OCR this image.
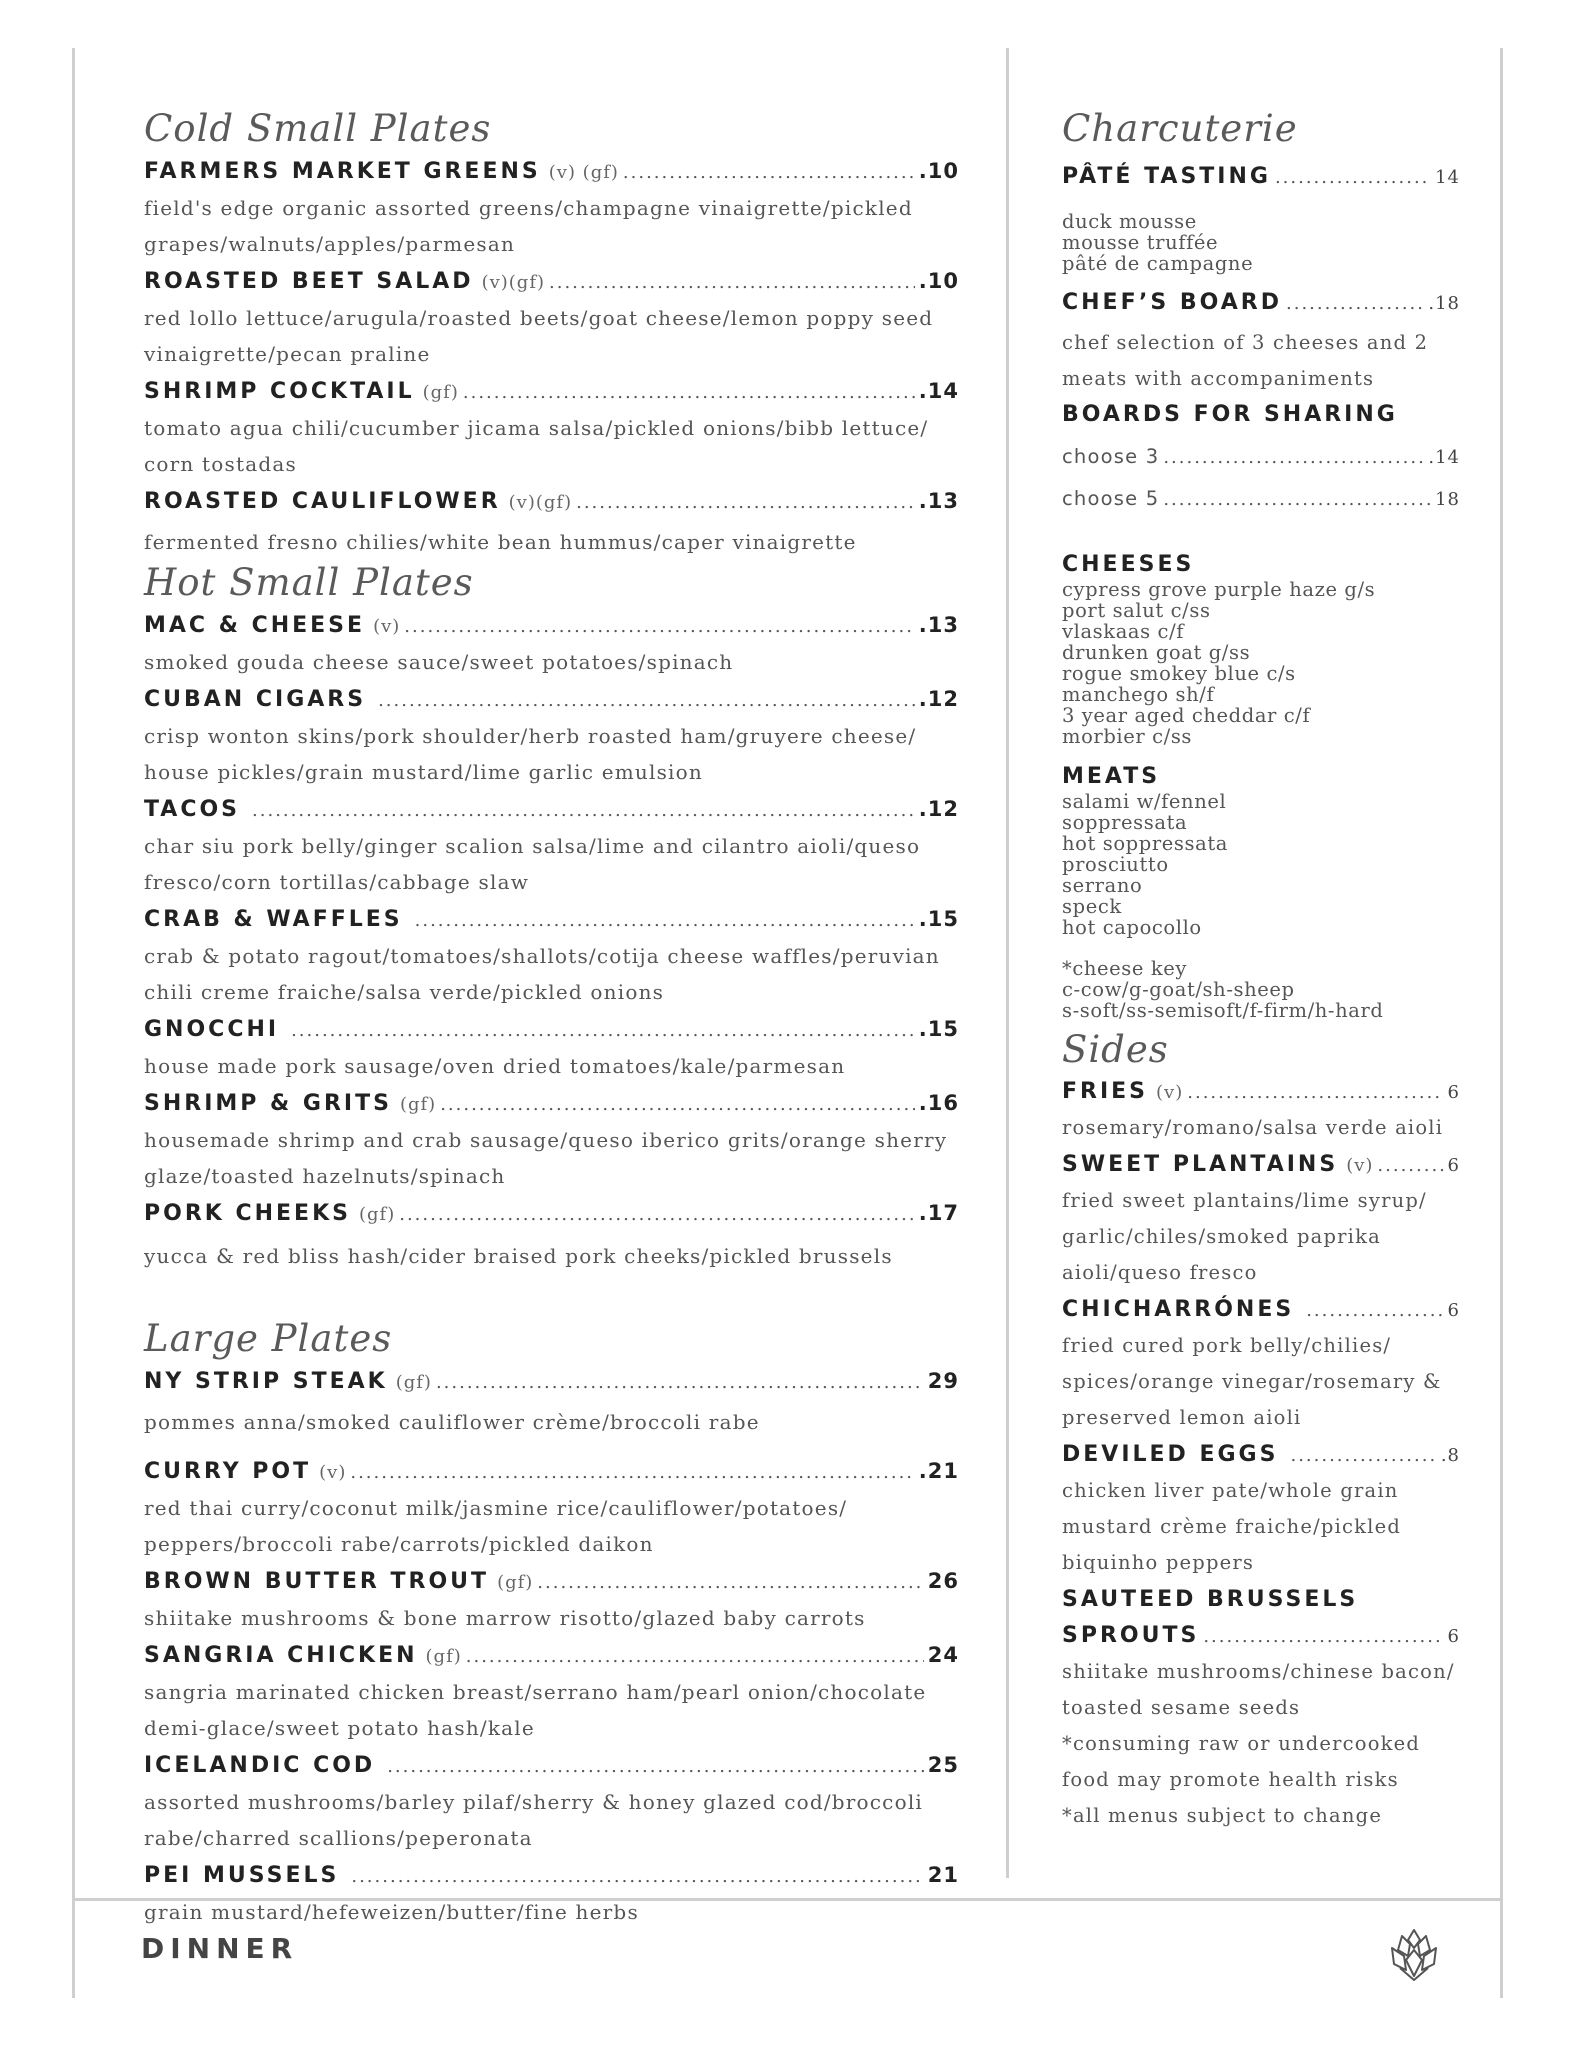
Cold Small Plates
FARMERS MARKET GREENS (v) (gf) .....	.10
field's edge organic assorted greens/champagne vinaigrette/pickled grapes/walnuts/apples/parmesan
ROASTED BEET SALAD (v)(gf) .....	.10
red lollo lettuce/arugula/roasted beets/goat cheese/lemon poppy seed vinaigrette/pecan praline
SHRIMP COCKTAIL (gf) .....	.14
tomato agua chili/cucumber jicama salsa/pickled onions/bibb lettuce/ corn tostadas
ROASTED CAULIFLOWER (v)(gf) .....	.13
fermented fresno chilies/white bean hummus/caper vinaigrette
Hot Small Plates
MAC & CHEESE (v) .....	.13
smoked gouda cheese sauce/sweet potatoes/spinach
CUBAN CIGARS .....	.12
crisp wonton skins/pork shoulder/herb roasted ham/gruyere cheese/ house pickles/grain mustard/lime garlic emulsion
TACOS .....	.12
char siu pork belly/ginger scalion salsa/lime and cilantro aioli/queso fresco/corn tortillas/cabbage slaw
CRAB & WAFFLES .....	.15
crab & potato ragout/tomatoes/shallots/cotija cheese waffles/peruvian chili creme fraiche/salsa verde/pickled onions
GNOCCHI .....	.15
house made pork sausage/oven dried tomatoes/kale/parmesan
SHRIMP & GRITS (gf) .....	.16
housemade shrimp and crab sausage/queso iberico grits/orange sherry glaze/toasted hazelnuts/spinach
PORK CHEEKS (gf) .....	.17
yucca & red bliss hash/cider braised pork cheeks/pickled brussels
Large Plates
NY STRIP STEAK (gf) .....	29
pommes anna/smoked cauliflower crème/broccoli rabe
CURRY POT (v) .....	.21
red thai curry/coconut milk/jasmine rice/cauliflower/potatoes/ peppers/broccoli rabe/carrots/pickled daikon
BROWN BUTTER TROUT (gf) .....	26
shiitake mushrooms & bone marrow risotto/glazed baby carrots
SANGRIA CHICKEN (gf) .....	24
sangria marinated chicken breast/serrano ham/pearl onion/chocolate demi-glace/sweet potato hash/kale
ICELANDIC COD .....	25
assorted mushrooms/barley pilaf/sherry & honey glazed cod/broccoli rabe/charred scallions/peperonata
PEI MUSSELS .....	21
grain mustard/hefeweizen/butter/fine herbs
Charcuterie
PÂTÉ TASTING .....	14
duck mousse
mousse truffée
pâté de campagne
CHEF’S BOARD .....	.18
chef selection of 3 cheeses and 2 meats with accompaniments
BOARDS FOR SHARING
choose 3 .....	.14
choose 5 .....	18
CHEESES
cypress grove purple haze g/s
port salut c/ss
vlaskaas c/f
drunken goat g/ss
rogue smokey blue c/s
manchego sh/f
3 year aged cheddar c/f
morbier c/ss
MEATS
salami w/fennel
soppressata
hot soppressata
prosciutto
serrano
speck
hot capocollo
*cheese key
c-cow/g-goat/sh-sheep
s-soft/ss-semisoft/f-firm/h-hard
Sides
FRIES (v) .....	6
rosemary/romano/salsa verde aioli
SWEET PLANTAINS (v) .....	6
fried sweet plantains/lime syrup/ garlic/chiles/smoked paprika aioli/queso fresco
CHICHARRÓNES .....	6
fried cured pork belly/chilies/ spices/orange vinegar/rosemary & preserved lemon aioli
DEVILED EGGS .....	.8
chicken liver pate/whole grain mustard crème fraiche/pickled biquinho peppers
SAUTEED BRUSSELS
SPROUTS .....	6
shiitake mushrooms/chinese bacon/ toasted sesame seeds
*consuming raw or undercooked food may promote health risks
*all menus subject to change
DINNER
